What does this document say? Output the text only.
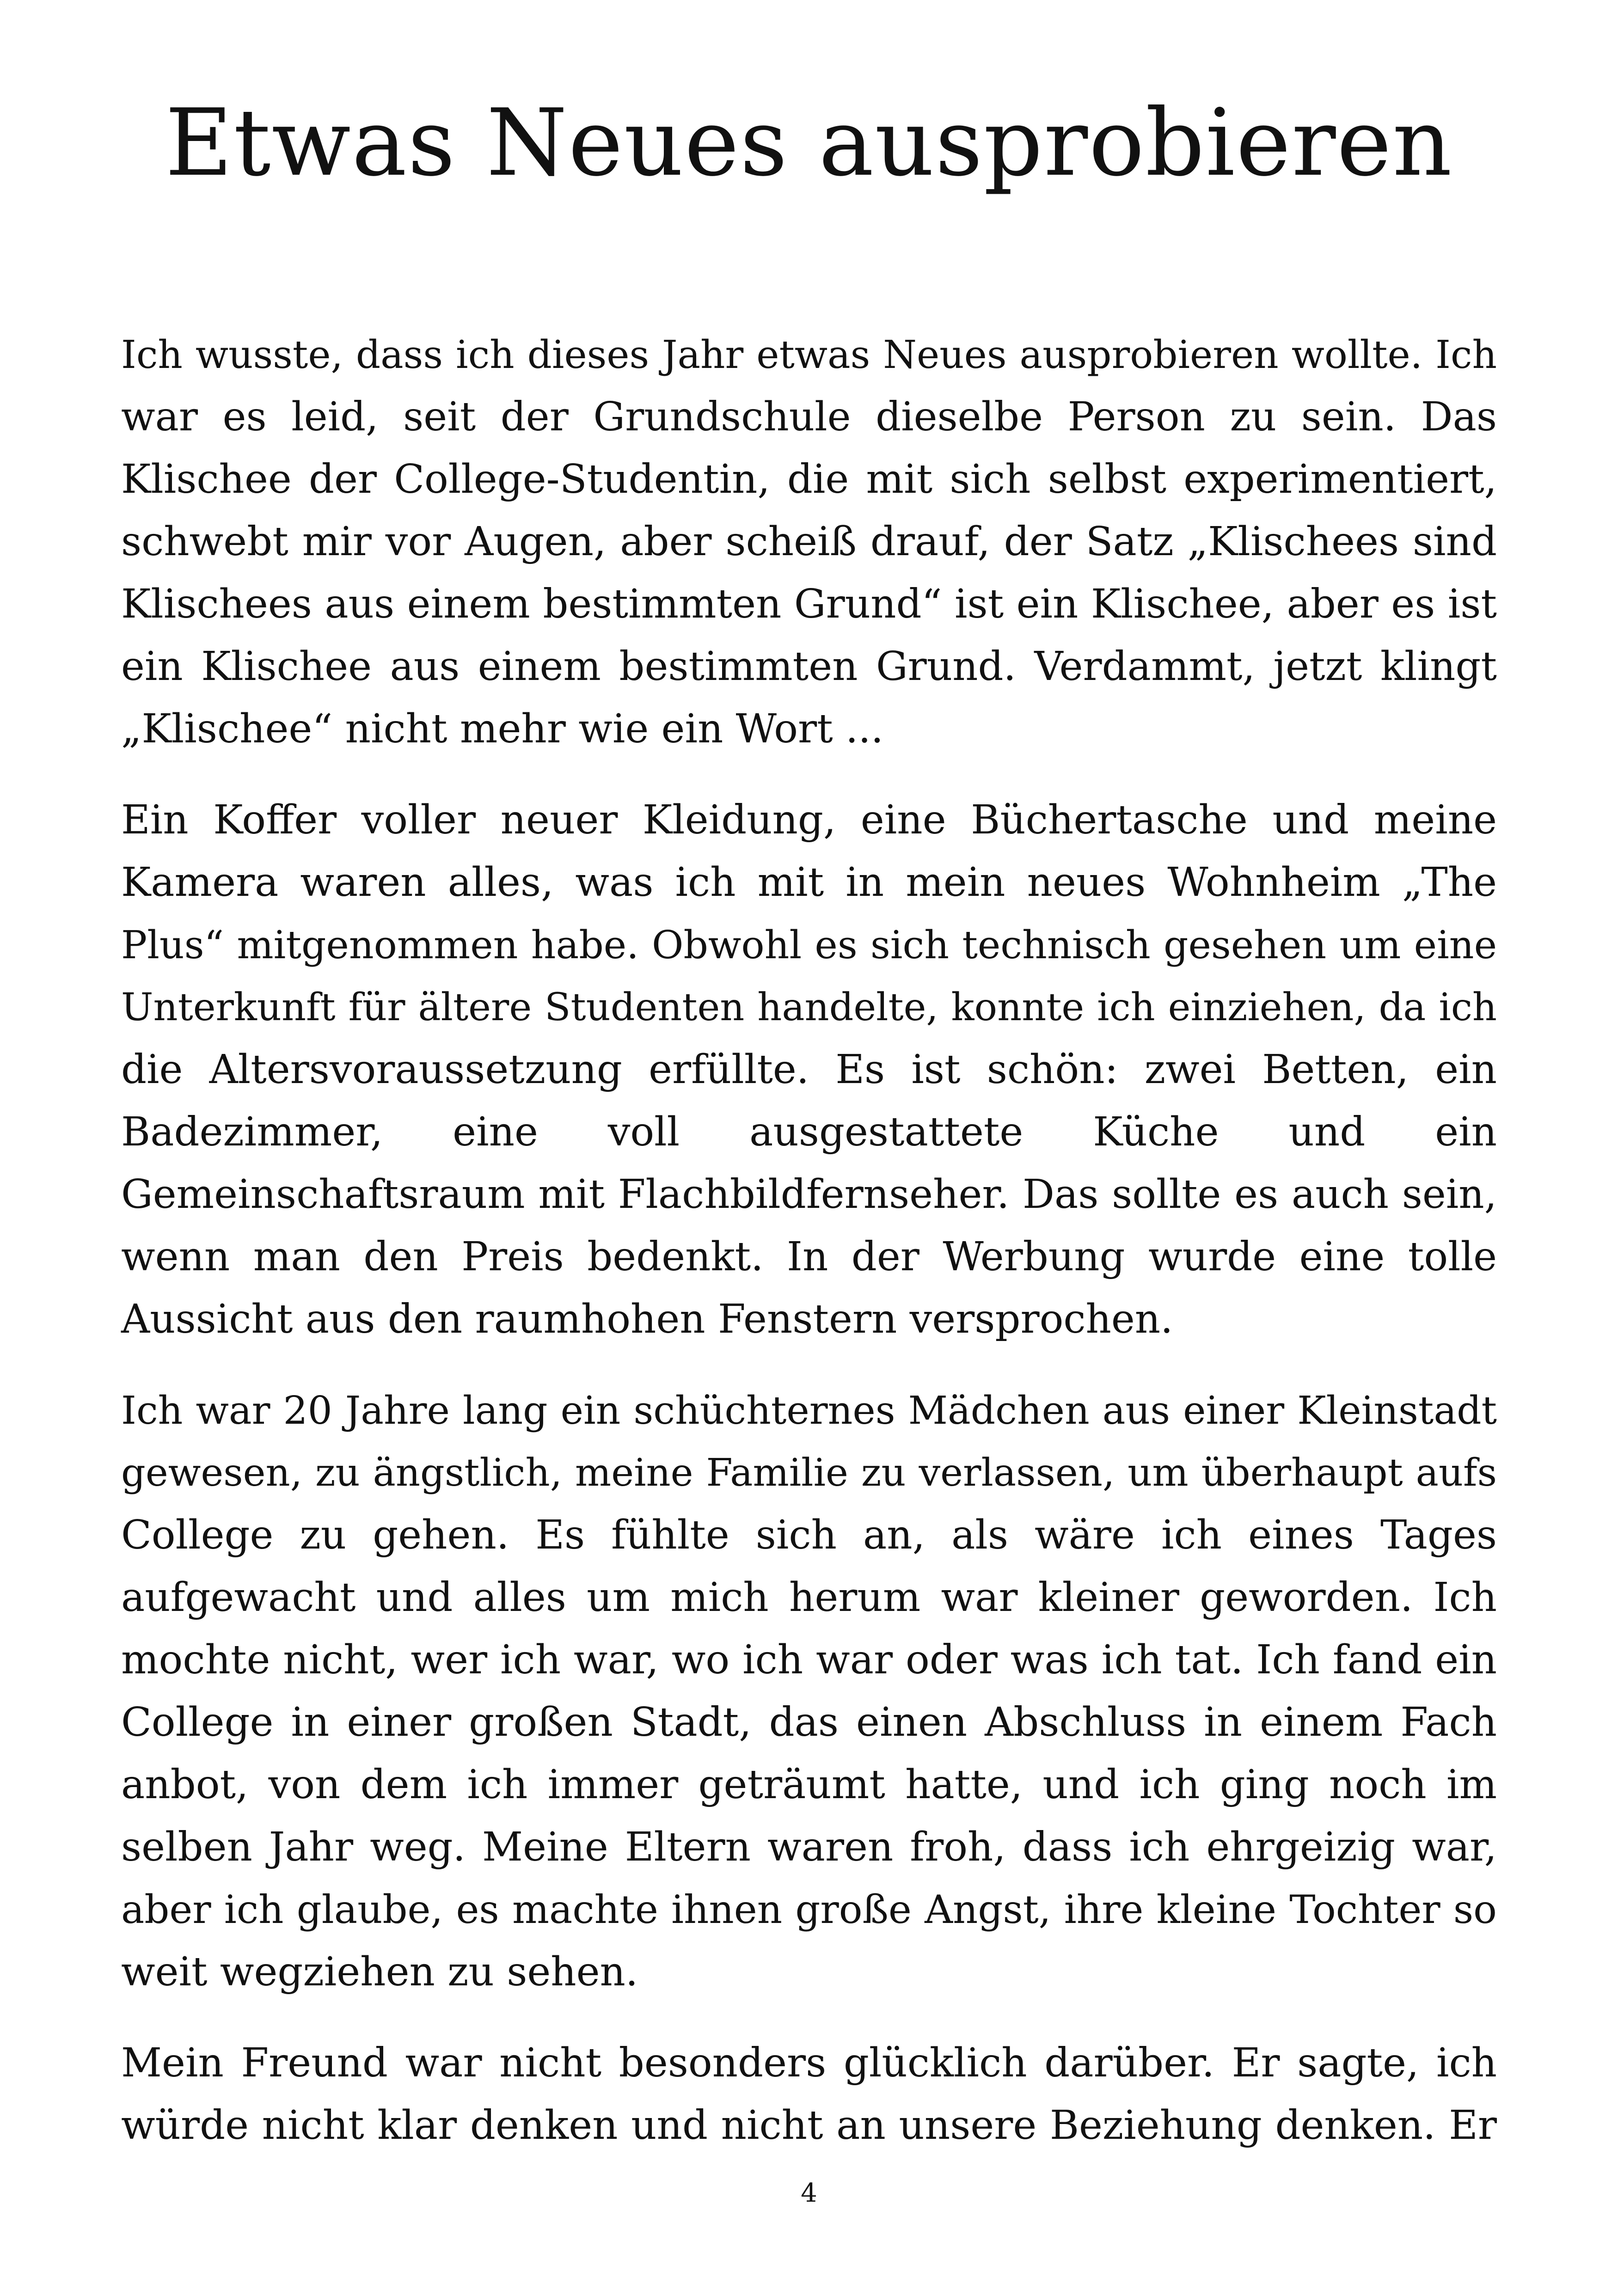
Etwas Neues ausprobieren

Ich wusste, dass ich dieses Jahr etwas Neues ausprobieren wollte. Ich
war es leid, seit der Grundschule dieselbe Person zu sein. Das
Klischee der College-Studentin, die mit sich selbst experimentiert,
schwebt mir vor Augen, aber scheiß drauf, der Satz „Klischees sind
Klischees aus einem bestimmten Grund“ ist ein Klischee, aber es ist
ein Klischee aus einem bestimmten Grund. Verdammt, jetzt klingt
„Klischee“ nicht mehr wie ein Wort ...

Ein Koffer voller neuer Kleidung, eine Büchertasche und meine
Kamera waren alles, was ich mit in mein neues Wohnheim „The
Plus“ mitgenommen habe. Obwohl es sich technisch gesehen um eine
Unterkunft für ältere Studenten handelte, konnte ich einziehen, da ich
die Altersvoraussetzung erfüllte. Es ist schön: zwei Betten, ein
Badezimmer, eine voll ausgestattete Küche und ein
Gemeinschaftsraum mit Flachbildfernseher. Das sollte es auch sein,
wenn man den Preis bedenkt. In der Werbung wurde eine tolle
Aussicht aus den raumhohen Fenstern versprochen.

Ich war 20 Jahre lang ein schüchternes Mädchen aus einer Kleinstadt
gewesen, zu ängstlich, meine Familie zu verlassen, um überhaupt aufs
College zu gehen. Es fühlte sich an, als wäre ich eines Tages
aufgewacht und alles um mich herum war kleiner geworden. Ich
mochte nicht, wer ich war, wo ich war oder was ich tat. Ich fand ein
College in einer großen Stadt, das einen Abschluss in einem Fach
anbot, von dem ich immer geträumt hatte, und ich ging noch im
selben Jahr weg. Meine Eltern waren froh, dass ich ehrgeizig war,
aber ich glaube, es machte ihnen große Angst, ihre kleine Tochter so
weit wegziehen zu sehen.

Mein Freund war nicht besonders glücklich darüber. Er sagte, ich
würde nicht klar denken und nicht an unsere Beziehung denken. Er

4
